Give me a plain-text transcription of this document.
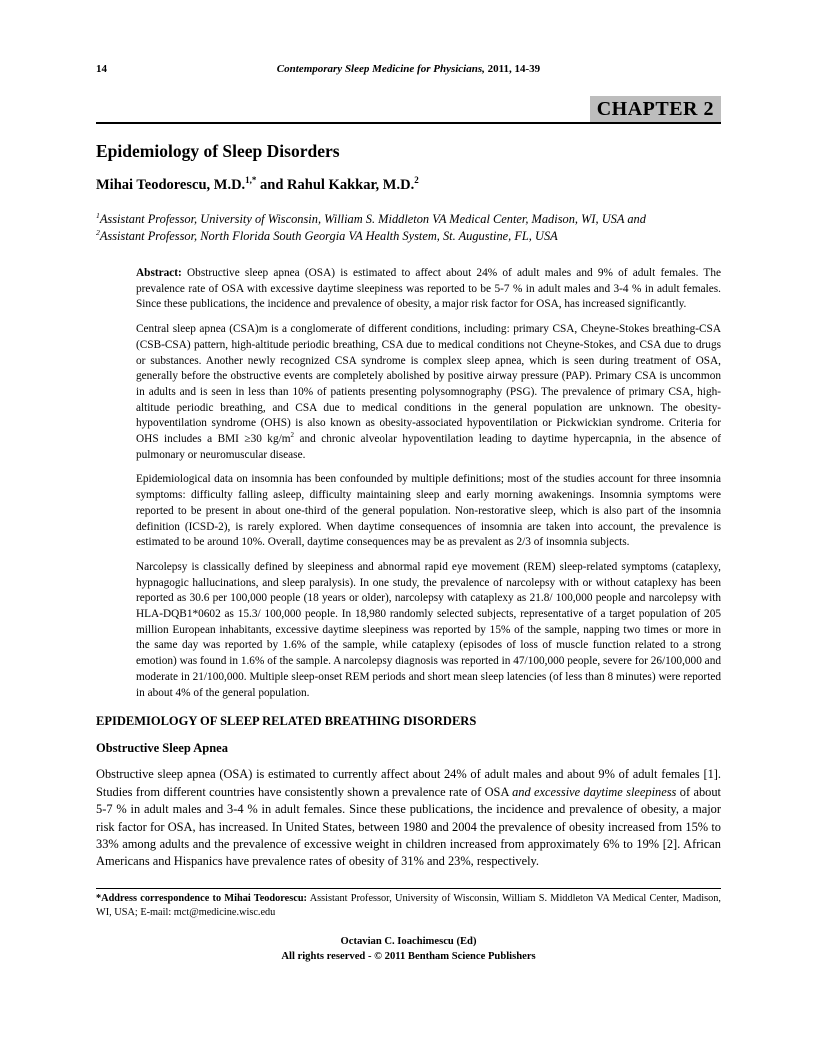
14	Contemporary Sleep Medicine for Physicians, 2011, 14-39
CHAPTER 2
Epidemiology of Sleep Disorders
Mihai Teodorescu, M.D.$^{1,*}$ and Rahul Kakkar, M.D.$^2$
$^1$Assistant Professor, University of Wisconsin, William S. Middleton VA Medical Center, Madison, WI, USA and
$^2$Assistant Professor, North Florida South Georgia VA Health System, St. Augustine, FL, USA

Abstract: Obstructive sleep apnea (OSA) is estimated to affect about 24% of adult males and 9% of adult females. The prevalence rate of OSA with excessive daytime sleepiness was reported to be 5-7 % in adult males and 3-4 % in adult females. Since these publications, the incidence and prevalence of obesity, a major risk factor for OSA, has increased significantly.

Central sleep apnea (CSA)m is a conglomerate of different conditions, including: primary CSA, Cheyne-Stokes breathing-CSA (CSB-CSA) pattern, high-altitude periodic breathing, CSA due to medical conditions not Cheyne-Stokes, and CSA due to drugs or substances. Another newly recognized CSA syndrome is complex sleep apnea, which is seen during treatment of OSA, generally before the obstructive events are completely abolished by positive airway pressure (PAP). Primary CSA is uncommon in adults and is seen in less than 10% of patients presenting polysomnography (PSG). The prevalence of primary CSA, high-altitude periodic breathing, and CSA due to medical conditions in the general population are unknown. The obesity-hypoventilation syndrome (OHS) is also known as obesity-associated hypoventilation or Pickwickian syndrome. Criteria for OHS includes a BMI ≥30 $kg/m^2$ and chronic alveolar hypoventilation leading to daytime hypercapnia, in the absence of pulmonary or neuromuscular disease.

Epidemiological data on insomnia has been confounded by multiple definitions; most of the studies account for three insomnia symptoms: difficulty falling asleep, difficulty maintaining sleep and early morning awakenings. Insomnia symptoms were reported to be present in about one-third of the general population. Non-restorative sleep, which is also part of the insomnia definition (ICSD-2), is rarely explored. When daytime consequences of insomnia are taken into account, the prevalence is estimated to be around 10%. Overall, daytime consequences may be as prevalent as 2/3 of insomnia subjects.

Narcolepsy is classically defined by sleepiness and abnormal rapid eye movement (REM) sleep-related symptoms (cataplexy, hypnagogic hallucinations, and sleep paralysis). In one study, the prevalence of narcolepsy with or without cataplexy has been reported as 30.6 per 100,000 people (18 years or older), narcolepsy with cataplexy as 21.8/ 100,000 people and narcolepsy with HLA-DQB1*0602 as 15.3/ 100,000 people. In 18,980 randomly selected subjects, representative of a target population of 205 million European inhabitants, excessive daytime sleepiness was reported by 15% of the sample, napping two times or more in the same day was reported by 1.6% of the sample, while cataplexy (episodes of loss of muscle function related to a strong emotion) was found in 1.6% of the sample. A narcolepsy diagnosis was reported in 47/100,000 people, severe for 26/100,000 and moderate in 21/100,000. Multiple sleep-onset REM periods and short mean sleep latencies (of less than 8 minutes) were reported in about 4% of the general population.

EPIDEMIOLOGY OF SLEEP RELATED BREATHING DISORDERS
Obstructive Sleep Apnea

Obstructive sleep apnea (OSA) is estimated to currently affect about 24% of adult males and about 9% of adult females [1]. Studies from different countries have consistently shown a prevalence rate of OSA and excessive daytime sleepiness of about 5-7 % in adult males and 3-4 % in adult females. Since these publications, the incidence and prevalence of obesity, a major risk factor for OSA, has increased. In United States, between 1980 and 2004 the prevalence of obesity increased from 15% to 33% among adults and the prevalence of excessive weight in children increased from approximately 6% to 19% [2]. African Americans and Hispanics have prevalence rates of obesity of 31% and 23%, respectively.

*Address correspondence to Mihai Teodorescu: Assistant Professor, University of Wisconsin, William S. Middleton VA Medical Center, Madison, WI, USA; E-mail: mct@medicine.wisc.edu

Octavian C. Ioachimescu (Ed)
All rights reserved - © 2011 Bentham Science Publishers
